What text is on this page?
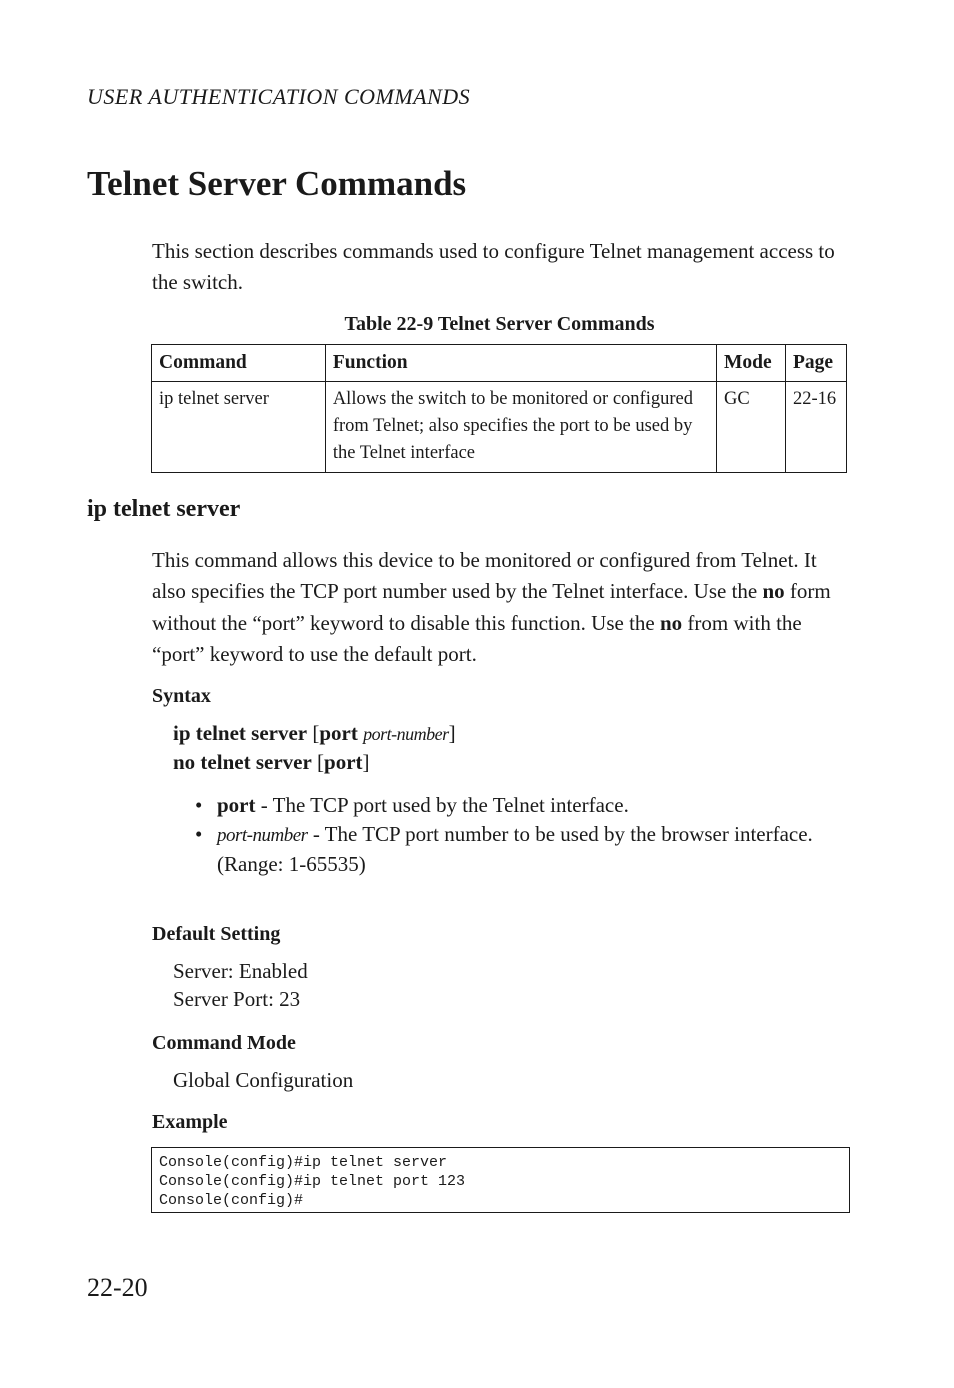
USER AUTHENTICATION COMMANDS
Telnet Server Commands

This section describes commands used to configure Telnet management access to the switch.

Table 22-9 Telnet Server Commands
Command	Function	Mode	Page
ip telnet server	Allows the switch to be monitored or configured from Telnet; also specifies the port to be used by the Telnet interface	GC	22-16
ip telnet server

This command allows this device to be monitored or configured from Telnet. It also specifies the TCP port number used by the Telnet interface. Use the no form without the “port” keyword to disable this function. Use the no from with the “port” keyword to use the default port.

Syntax
ip telnet server [port port-number]
no telnet server [port]
• port - The TCP port used by the Telnet interface.
• port-number - The TCP port number to be used by the browser interface. (Range: 1-65535)
Default Setting
Server: Enabled
Server Port: 23
Command Mode
Global Configuration
Example
Console(config)#ip telnet server
Console(config)#ip telnet port 123
Console(config)#
22-20
